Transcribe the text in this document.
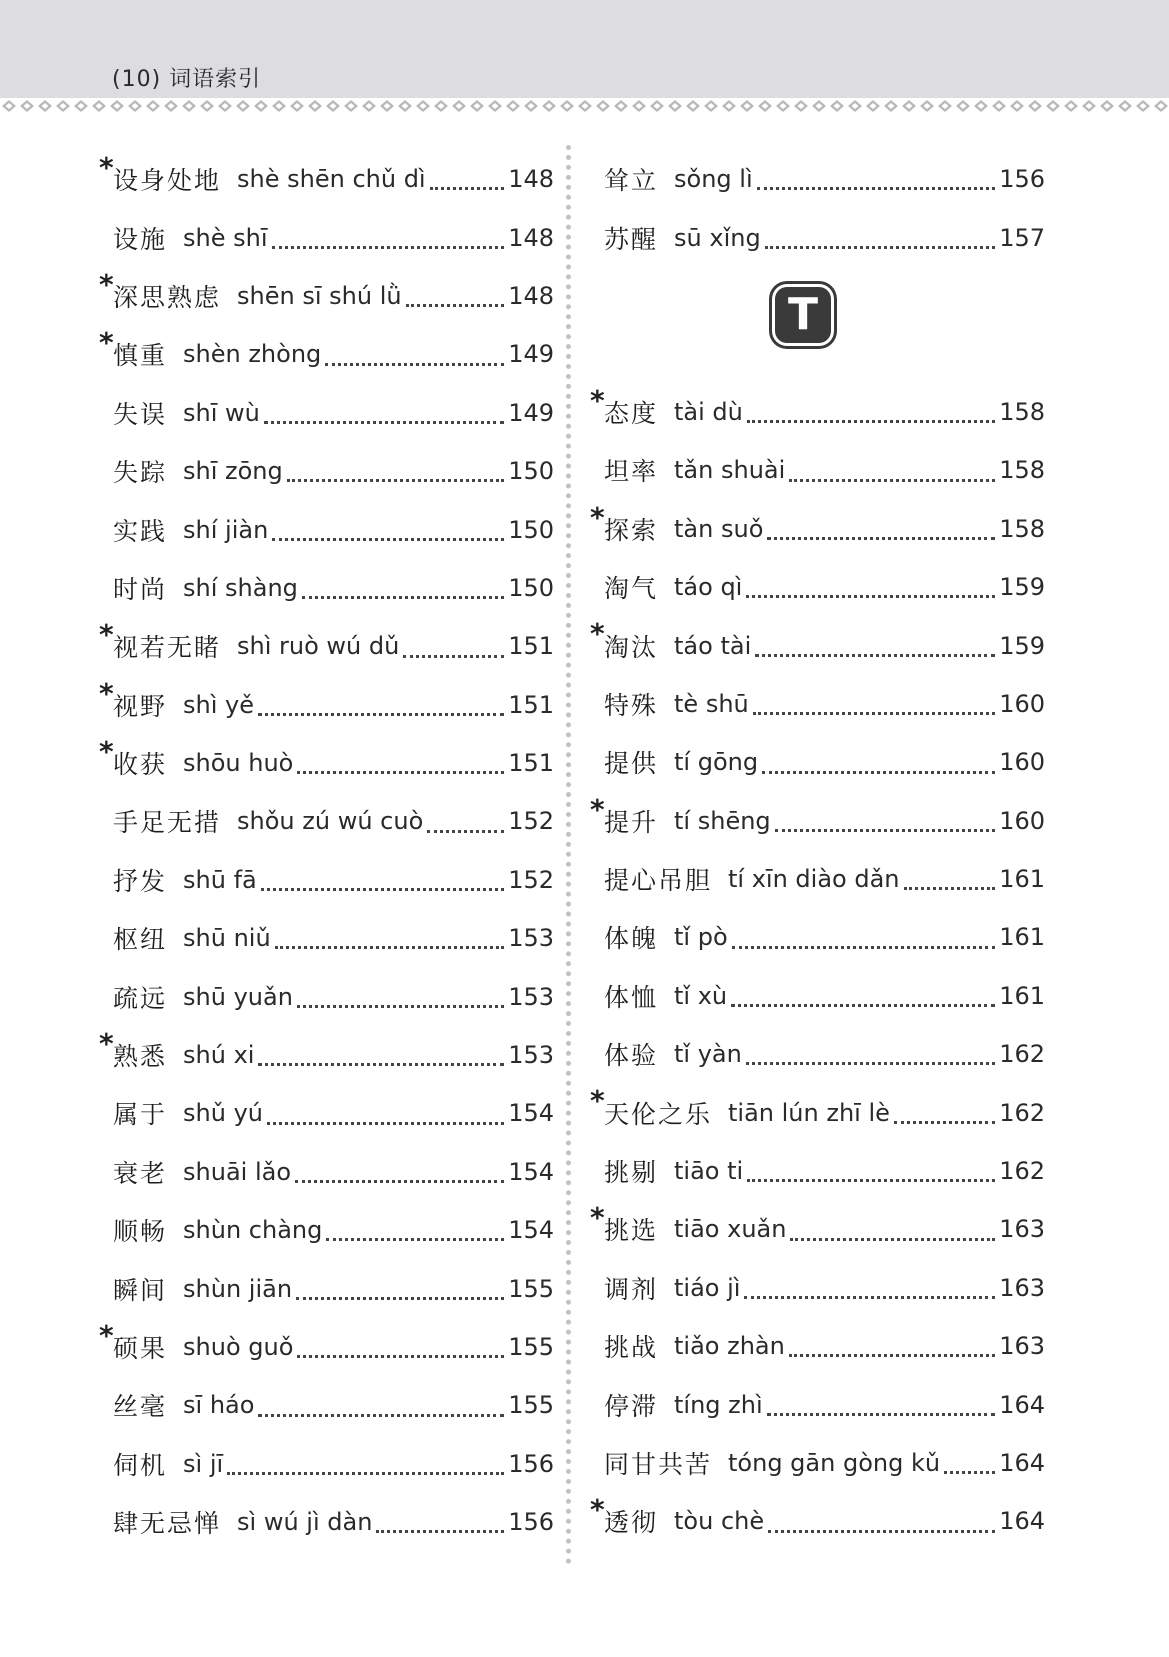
(10) 词语索引
* 设身处地 shè shēn chǔ dì	148
设施 shè shī	148
* 深思熟虑 shēn sī shú lǜ	148
* 慎重 shèn zhòng	149
失误 shī wù	149
失踪 shī zōng	150
实践 shí jiàn	150
时尚 shí shàng	150
* 视若无睹 shì ruò wú dǔ	151
* 视野 shì yě	151
* 收获 shōu huò	151
手足无措 shǒu zú wú cuò	152
抒发 shū fā	152
枢纽 shū niǔ	153
疏远 shū yuǎn	153
* 熟悉 shú xi	153
属于 shǔ yú	154
衰老 shuāi lǎo	154
顺畅 shùn chàng	154
瞬间 shùn jiān	155
* 硕果 shuò guǒ	155
丝毫 sī háo	155
伺机 sì jī	156
肆无忌惮 sì wú jì dàn	156
耸立 sǒng lì	156
苏醒 sū xǐng	157
T
* 态度 tài dù	158
坦率 tǎn shuài	158
* 探索 tàn suǒ	158
淘气 táo qì	159
* 淘汰 táo tài	159
特殊 tè shū	160
提供 tí gōng	160
* 提升 tí shēng	160
提心吊胆 tí xīn diào dǎn	161
体魄 tǐ pò	161
体恤 tǐ xù	161
体验 tǐ yàn	162
* 天伦之乐 tiān lún zhī lè	162
挑剔 tiāo ti	162
* 挑选 tiāo xuǎn	163
调剂 tiáo jì	163
挑战 tiǎo zhàn	163
停滞 tíng zhì	164
同甘共苦 tóng gān gòng kǔ 164
* 透彻 tòu chè	164
